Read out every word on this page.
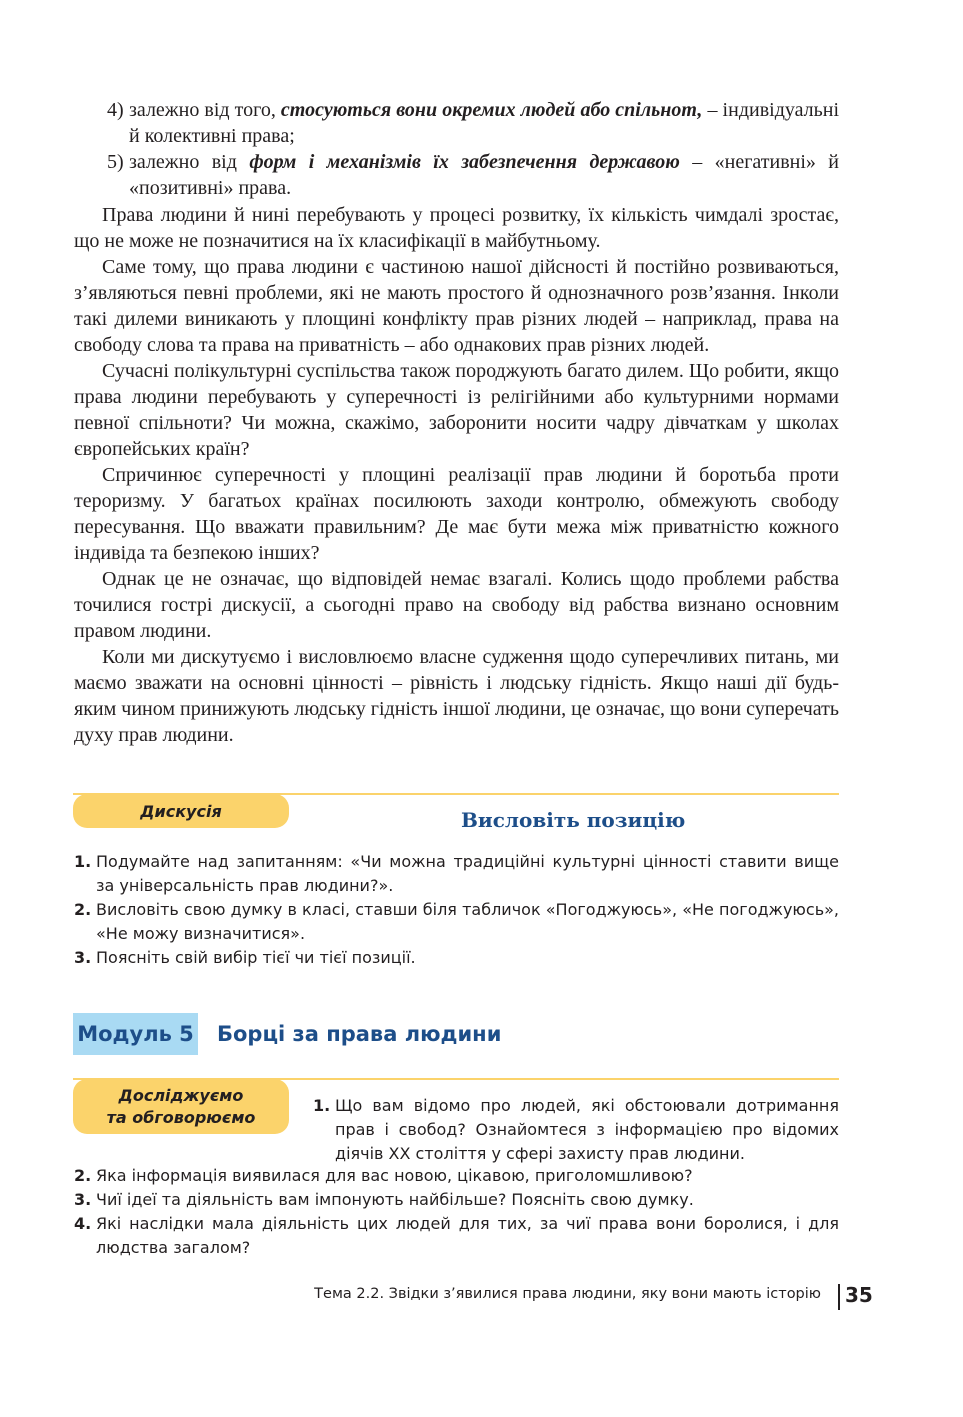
4) залежно від того, стосуються вони окремих людей або спільнот, – індивідуальні й колективні права;
5) залежно від форм і механізмів їх забезпечення державою – «негативні» й «позитивні» права.

Права людини й нині перебувають у процесі розвитку, їх кількість чимдалі зростає, що не може не позначитися на їх класифікації в майбутньому.

Саме тому, що права людини є частиною нашої дійсності й постійно розвиваються, з’являються певні проблеми, які не мають простого й однозначного розв’язання. Інколи такі дилеми виникають у площині конфлікту прав різних людей – наприклад, права на свободу слова та права на приватність – або однакових прав різних людей.

Сучасні полікультурні суспільства також породжують багато дилем. Що робити, якщо права людини перебувають у суперечності із релігійними або культурними нормами певної спільноти? Чи можна, скажімо, заборонити носити чадру дівчаткам у школах європейських країн?

Спричинює суперечності у площині реалізації прав людини й боротьба проти тероризму. У багатьох країнах посилюють заходи контролю, обмежують свободу пересування. Що вважати правильним? Де має бути межа між приватністю кожного індивіда та безпекою інших?

Однак це не означає, що відповідей немає взагалі. Колись щодо проблеми рабства точилися гострі дискусії, а сьогодні право на свободу від рабства визнано основним правом людини.

Коли ми дискутуємо і висловлюємо власне судження щодо суперечливих питань, ми маємо зважати на основні цінності – рівність і людську гідність. Якщо наші дії будь-яким чином принижують людську гідність іншої людини, це означає, що вони суперечать духу прав людини.

Дискусія	Висловіть позицію
1. Подумайте над запитанням: «Чи можна традиційні культурні цінності ставити вище за універсальність прав людини?».
2. Висловіть свою думку в класі, ставши біля табличок «Погоджуюсь», «Не погоджуюсь», «Не можу визначитися».
3. Поясніть свій вибір тієї чи тієї позиції.
Модуль 5 Борці за права людини
Досліджуємо
та обговорюємо
1. Що вам відомо про людей, які обстоювали дотримання прав і свобод? Ознайомтеся з інформацією про відомих діячів ХХ століття у сфері захисту прав людини.
2. Яка інформація виявилася для вас новою, цікавою, приголомшливою?
3. Чиї ідеї та діяльність вам імпонують найбільше? Поясніть свою думку.
4. Які наслідки мала діяльність цих людей для тих, за чиї права вони боролися, і для людства загалом?
Тема 2.2. Звідки з’явилися права людини, яку вони мають історію 35
